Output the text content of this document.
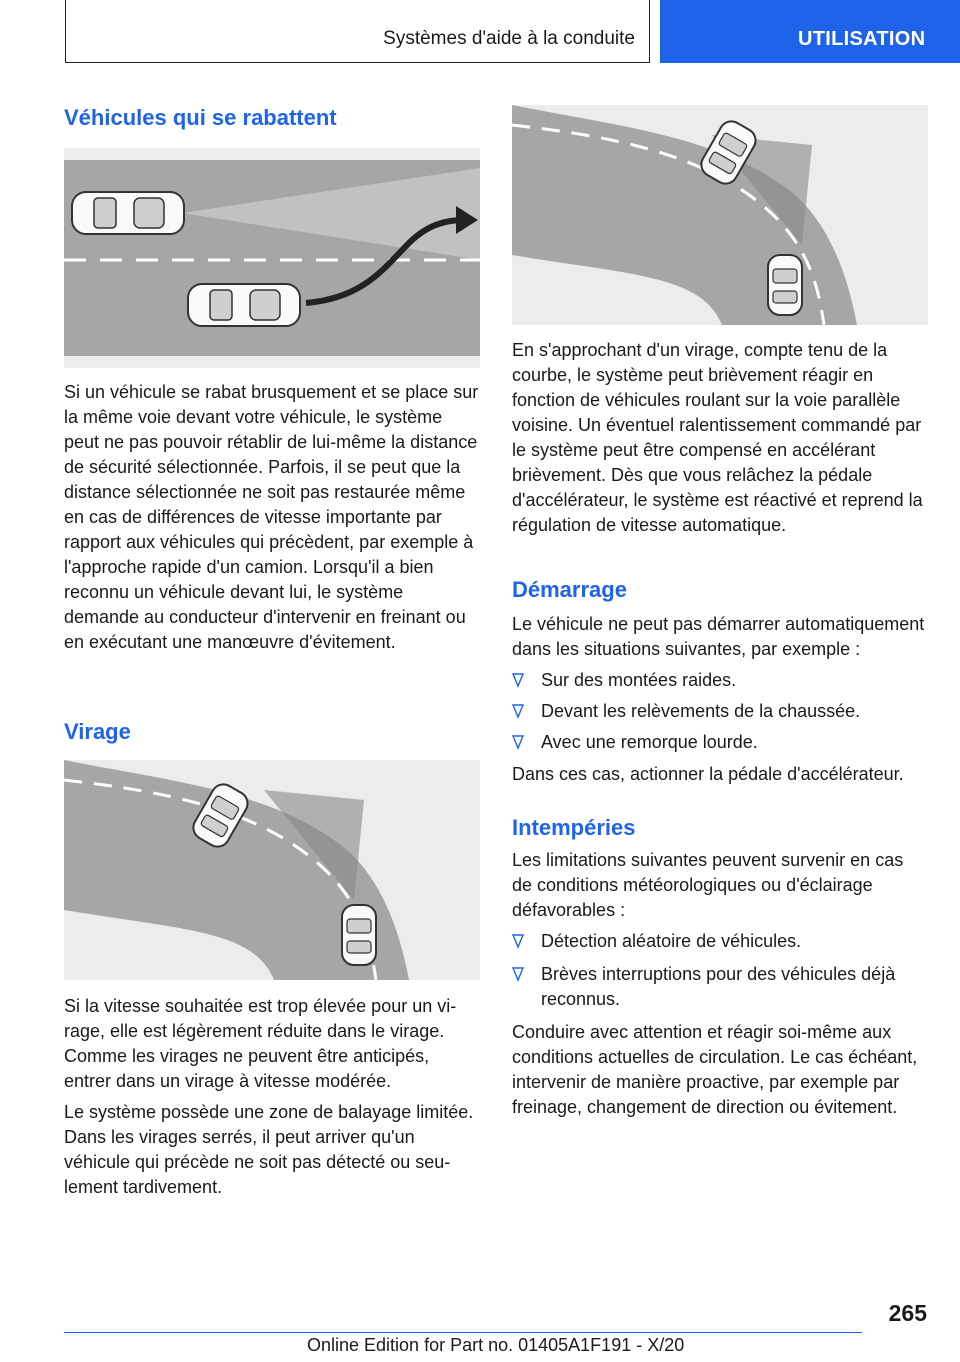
Systèmes d'aide à la conduite	UTILISATION
Véhicules qui se rabattent

Si un véhicule se rabat brusquement et se place sur la même voie devant votre véhicule, le système peut ne pas pouvoir rétablir de lui-même la distance de sécurité sélectionnée. Parfois, il se peut que la distance sélectionnée ne soit pas restaurée même en cas de différences de vitesse importante par rapport aux véhicules qui précèdent, par exemple à l'approche rapide d'un camion. Lorsqu'il a bien reconnu un véhicule devant lui, le système demande au conducteur d'intervenir en freinant ou en exécutant une manœuvre d'évitement.

Virage

Si la vitesse souhaitée est trop élevée pour un virage, elle est légèrement réduite dans le virage. Comme les virages ne peuvent être anticipés, entrer dans un virage à vitesse modérée.

Le système possède une zone de balayage limitée. Dans les virages serrés, il peut arriver qu'un véhicule qui précède ne soit pas détecté ou seulement tardivement.

En s'approchant d'un virage, compte tenu de la courbe, le système peut brièvement réagir en fonction de véhicules roulant sur la voie parallèle voisine. Un éventuel ralentissement commandé par le système peut être compensé en accélérant brièvement. Dès que vous relâchez la pédale d'accélérateur, le système est réactivé et reprend la régulation de vitesse automatique.

Démarrage

Le véhicule ne peut pas démarrer automatiquement dans les situations suivantes, par exemple :

Sur des montées raides.
Devant les relèvements de la chaussée.
Avec une remorque lourde.

Dans ces cas, actionner la pédale d'accélérateur.

Intempéries

Les limitations suivantes peuvent survenir en cas de conditions météorologiques ou d'éclairage défavorables :

Détection aléatoire de véhicules.
Brèves interruptions pour des véhicules déjà reconnus.

Conduire avec attention et réagir soi-même aux conditions actuelles de circulation. Le cas échéant, intervenir de manière proactive, par exemple par freinage, changement de direction ou évitement.

265
Online Edition for Part no. 01405A1F191 - X/20
